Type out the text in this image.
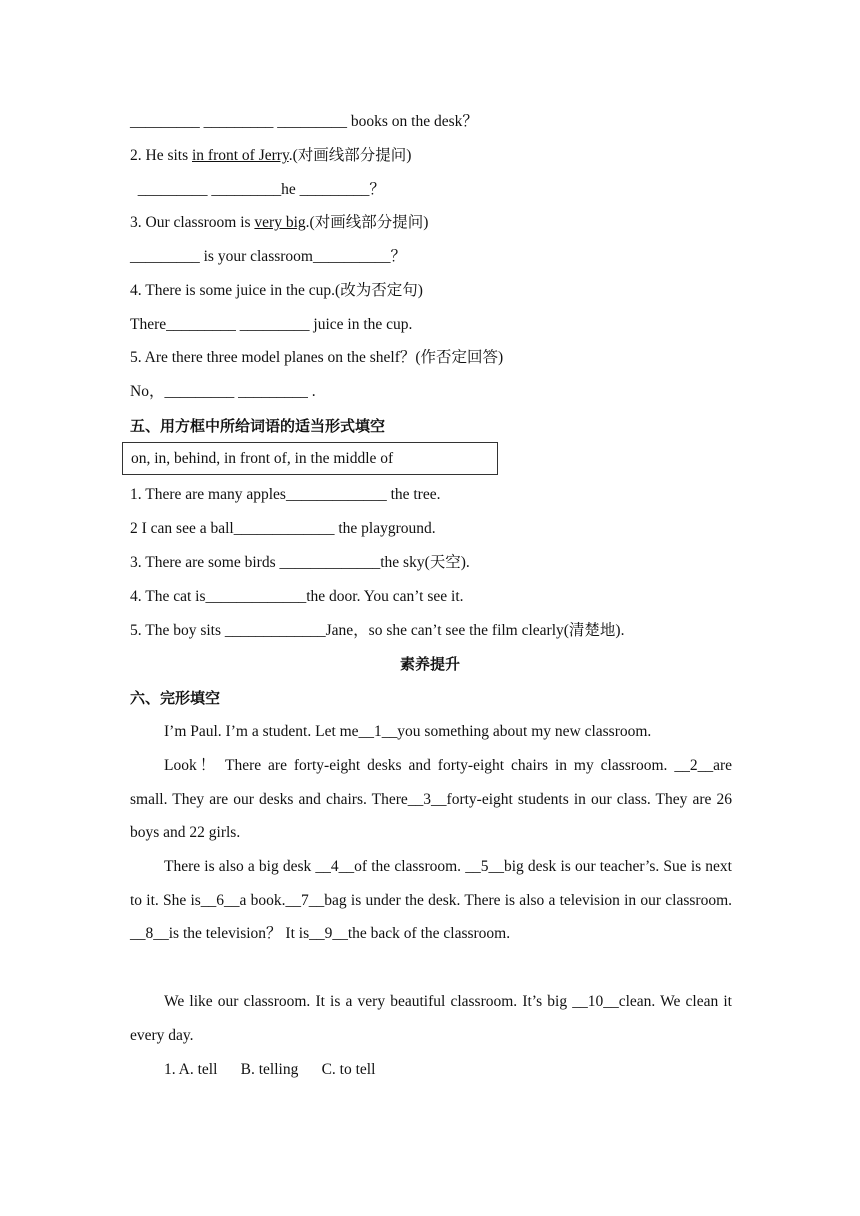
_________ _________ _________ books on the desk？
2. He sits in front of Jerry.(对画线部分提问)
_________ _________he _________？
3. Our classroom is very big.(对画线部分提问)
_________ is your classroom__________？
4. There is some juice in the cup.(改为否定句)
There_________ _________ juice in the cup.
5. Are there three model planes on the shelf？(作否定回答)
No，_________ _________ .
五、用方框中所给词语的适当形式填空
on, in, behind, in front of, in the middle of
1. There are many apples_____________ the tree.
2 I can see a ball_____________ the playground.
3. There are some birds _____________the sky(天空).
4. The cat is_____________the door. You can’t see it.
5. The boy sits _____________Jane，so she can’t see the film clearly(清楚地).
素养提升
六、完形填空
I’m Paul. I’m a student. Let me__1__you something about my new classroom.
Look！ There are forty-eight desks and forty-eight chairs in my classroom. __2__are small. They are our desks and chairs. There__3__forty-eight students in our class. They are 26 boys and 22 girls.
There is also a big desk __4__of the classroom. __5__big desk is our teacher’s. Sue is next to it. She is__6__a book.__7__bag is under the desk. There is also a television in our classroom. __8__is the television？ It is__9__the back of the classroom.
We like our classroom. It is a very beautiful classroom. It’s big __10__clean. We clean it every day.
1. A. tell      B. telling      C. to tell
